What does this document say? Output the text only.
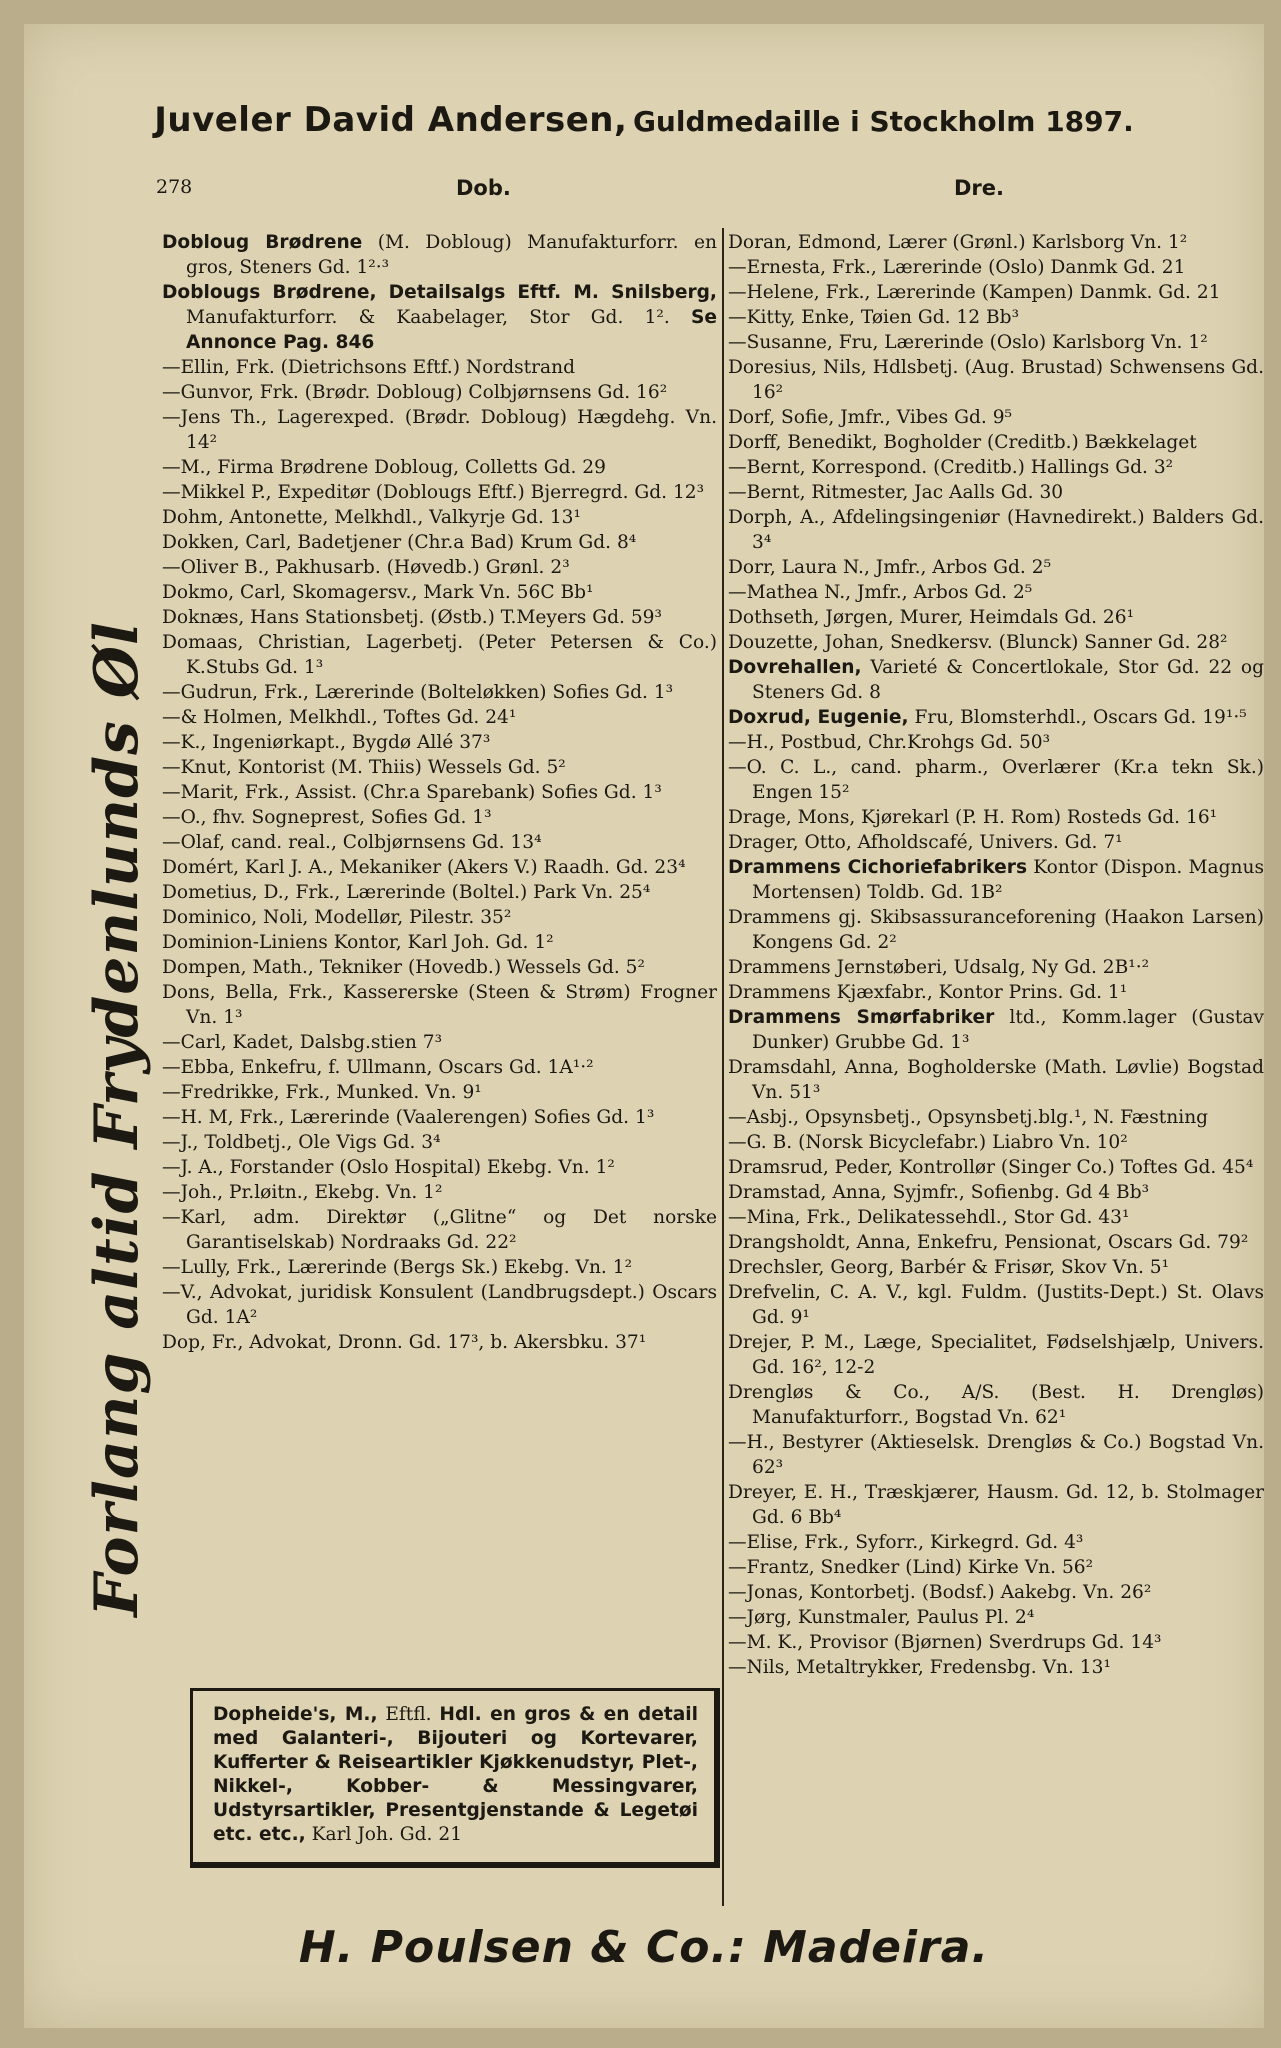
Juveler David Andersen, Guldmedaille i Stockholm 1897.
278	Dob.	Dre.
Forlang altid Frydenlunds Øl
Dobloug Brødrene (M. Dobloug) Manufakturforr. en gros, Steners Gd. 1²·³
Doblougs Brødrene, Detailsalgs Eftf. M. Snilsberg, Manufakturforr. & Kaabelager, Stor Gd. 1². Se Annonce Pag. 846
—Ellin, Frk. (Dietrichsons Eftf.) Nordstrand
—Gunvor, Frk. (Brødr. Dobloug) Colbjørnsens Gd. 16²
—Jens Th., Lagerexped. (Brødr. Dobloug) Hægdehg. Vn. 14²
—M., Firma Brødrene Dobloug, Colletts Gd. 29
—Mikkel P., Expeditør (Doblougs Eftf.) Bjerregrd. Gd. 12³
Dohm, Antonette, Melkhdl., Valkyrje Gd. 13¹
Dokken, Carl, Badetjener (Chr.a Bad) Krum Gd. 8⁴
—Oliver B., Pakhusarb. (Høvedb.) Grønl. 2³
Dokmo, Carl, Skomagersv., Mark Vn. 56C Bb¹
Doknæs, Hans Stationsbetj. (Østb.) T.Meyers Gd. 59³
Domaas, Christian, Lagerbetj. (Peter Petersen & Co.) K.Stubs Gd. 1³
—Gudrun, Frk., Lærerinde (Bolteløkken) Sofies Gd. 1³
—& Holmen, Melkhdl., Toftes Gd. 24¹
—K., Ingeniørkapt., Bygdø Allé 37³
—Knut, Kontorist (M. Thiis) Wessels Gd. 5²
—Marit, Frk., Assist. (Chr.a Sparebank) Sofies Gd. 1³
—O., fhv. Sogneprest, Sofies Gd. 1³
—Olaf, cand. real., Colbjørnsens Gd. 13⁴
Domért, Karl J. A., Mekaniker (Akers V.) Raadh. Gd. 23⁴
Dometius, D., Frk., Lærerinde (Boltel.) Park Vn. 25⁴
Dominico, Noli, Modellør, Pilestr. 35²
Dominion-Liniens Kontor, Karl Joh. Gd. 1²
Dompen, Math., Tekniker (Hovedb.) Wessels Gd. 5²
Dons, Bella, Frk., Kassererske (Steen & Strøm) Frogner Vn. 1³
—Carl, Kadet, Dalsbg.stien 7³
—Ebba, Enkefru, f. Ullmann, Oscars Gd. 1A¹·²
—Fredrikke, Frk., Munked. Vn. 9¹
—H. M, Frk., Lærerinde (Vaalerengen) Sofies Gd. 1³
—J., Toldbetj., Ole Vigs Gd. 3⁴
—J. A., Forstander (Oslo Hospital) Ekebg. Vn. 1²
—Joh., Pr.løitn., Ekebg. Vn. 1²
—Karl, adm. Direktør („Glitne“ og Det norske Garantiselskab) Nordraaks Gd. 22²
—Lully, Frk., Lærerinde (Bergs Sk.) Ekebg. Vn. 1²
—V., Advokat, juridisk Konsulent (Landbrugsdept.) Oscars Gd. 1A²
Dop, Fr., Advokat, Dronn. Gd. 17³, b. Akersbku. 37¹
Doran, Edmond, Lærer (Grønl.) Karlsborg Vn. 1²
—Ernesta, Frk., Lærerinde (Oslo) Danmk Gd. 21
—Helene, Frk., Lærerinde (Kampen) Danmk. Gd. 21
—Kitty, Enke, Tøien Gd. 12 Bb³
—Susanne, Fru, Lærerinde (Oslo) Karlsborg Vn. 1²
Doresius, Nils, Hdlsbetj. (Aug. Brustad) Schwensens Gd. 16²
Dorf, Sofie, Jmfr., Vibes Gd. 9⁵
Dorff, Benedikt, Bogholder (Creditb.) Bækkelaget
—Bernt, Korrespond. (Creditb.) Hallings Gd. 3²
—Bernt, Ritmester, Jac Aalls Gd. 30
Dorph, A., Afdelingsingeniør (Havnedirekt.) Balders Gd. 3⁴
Dorr, Laura N., Jmfr., Arbos Gd. 2⁵
—Mathea N., Jmfr., Arbos Gd. 2⁵
Dothseth, Jørgen, Murer, Heimdals Gd. 26¹
Douzette, Johan, Snedkersv. (Blunck) Sanner Gd. 28²
Dovrehallen, Varieté & Concertlokale, Stor Gd. 22 og Steners Gd. 8
Doxrud, Eugenie, Fru, Blomsterhdl., Oscars Gd. 19¹·⁵
—H., Postbud, Chr.Krohgs Gd. 50³
—O. C. L., cand. pharm., Overlærer (Kr.a tekn Sk.) Engen 15²
Drage, Mons, Kjørekarl (P. H. Rom) Rosteds Gd. 16¹
Drager, Otto, Afholdscafé, Univers. Gd. 7¹
Drammens Cichoriefabrikers Kontor (Dispon. Magnus Mortensen) Toldb. Gd. 1B²
Drammens gj. Skibsassuranceforening (Haakon Larsen) Kongens Gd. 2²
Drammens Jernstøberi, Udsalg, Ny Gd. 2B¹·²
Drammens Kjæxfabr., Kontor Prins. Gd. 1¹
Drammens Smørfabriker ltd., Komm.lager (Gustav Dunker) Grubbe Gd. 1³
Dramsdahl, Anna, Bogholderske (Math. Løvlie) Bogstad Vn. 51³
—Asbj., Opsynsbetj., Opsynsbetj.blg.¹, N. Fæstning
—G. B. (Norsk Bicyclefabr.) Liabro Vn. 10²
Dramsrud, Peder, Kontrollør (Singer Co.) Toftes Gd. 45⁴
Dramstad, Anna, Syjmfr., Sofienbg. Gd 4 Bb³
—Mina, Frk., Delikatessehdl., Stor Gd. 43¹
Drangsholdt, Anna, Enkefru, Pensionat, Oscars Gd. 79²
Drechsler, Georg, Barbér & Frisør, Skov Vn. 5¹
Drefvelin, C. A. V., kgl. Fuldm. (Justits-Dept.) St. Olavs Gd. 9¹
Drejer, P. M., Læge, Specialitet, Fødselshjælp, Univers. Gd. 16², 12-2
Drengløs & Co., A/S. (Best. H. Drengløs) Manufakturforr., Bogstad Vn. 62¹
—H., Bestyrer (Aktieselsk. Drengløs & Co.) Bogstad Vn. 62³
Dreyer, E. H., Træskjærer, Hausm. Gd. 12, b. Stolmager Gd. 6 Bb⁴
—Elise, Frk., Syforr., Kirkegrd. Gd. 4³
—Frantz, Snedker (Lind) Kirke Vn. 56²
—Jonas, Kontorbetj. (Bodsf.) Aakebg. Vn. 26²
—Jørg, Kunstmaler, Paulus Pl. 2⁴
—M. K., Provisor (Bjørnen) Sverdrups Gd. 14³
—Nils, Metaltrykker, Fredensbg. Vn. 13¹
Dopheide's, M., Eftfl. Hdl. en gros & en detail med Galanteri-, Bijouteri og Kortevarer, Kufferter & Reiseartikler Kjøkkenudstyr, Plet-, Nikkel-, Kobber- & Messingvarer, Udstyrsartikler, Presentgjenstande & Legetøi etc. etc., Karl Joh. Gd. 21
H. Poulsen & Co.: Madeira.
